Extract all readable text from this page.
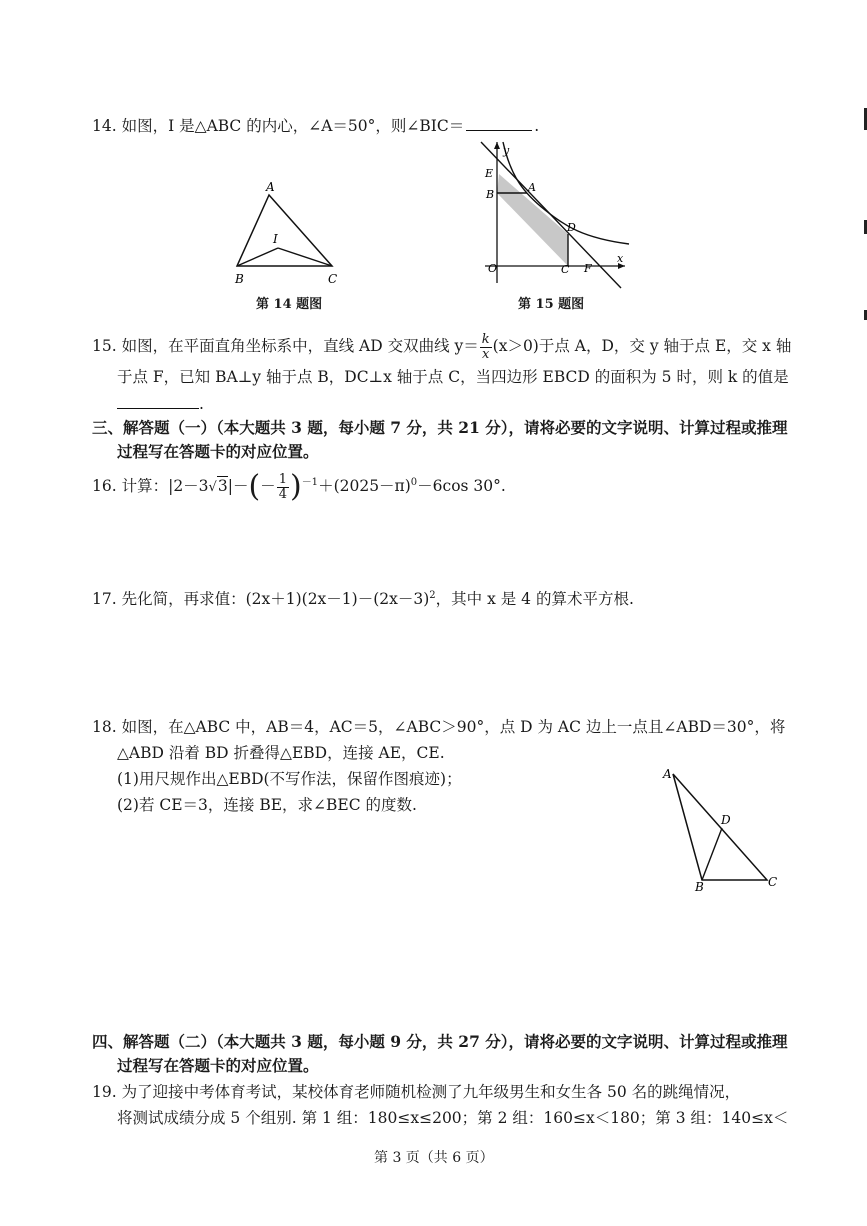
14. 如图，I 是△ABC 的内心，∠A＝50°，则∠BIC＝	.
A
B	C
I
第 14 题图
y
x
E
B
A
D
O	C F
第 15 题图
15. 如图，在平面直角坐标系中，直线 AD 交双曲线 $y= \frac{k}{x} (x>0)$于点 A，D，交 y 轴于点 E，交 x 轴
于点 F，已知 BA⊥y 轴于点 B，DC⊥x 轴于点 C，当四边形 EBCD 的面积为 5 时，则 k 的值是
.
三、解答题（一）（本大题共 3 题，每小题 7 分，共 21 分），请将必要的文字说明、计算过程或推理
过程写在答题卡的对应位置。
16. 计算：$|2-3√3|-(- \frac{1}{4} )^{-1}+(2025-\pi)^0-6\cos$ 30°.
17. 先化简，再求值：$(2x+1)(2x-1)-(2x-3)^2$，其中 x 是 4 的算术平方根.
18. 如图，在△ABC 中，AB＝4，AC＝5，∠ABC＞90°，点 D 为 AC 边上一点且∠ABD＝30°，将
△ABD 沿着 BD 折叠得△EBD，连接 AE，CE.
(1)用尺规作出△EBD(不写作法，保留作图痕迹)；
(2)若 CE＝3，连接 BE，求∠BEC 的度数.
A
D
B	C
四、解答题（二）（本大题共 3 题，每小题 9 分，共 27 分），请将必要的文字说明、计算过程或推理
过程写在答题卡的对应位置。
19. 为了迎接中考体育考试，某校体育老师随机检测了九年级男生和女生各 50 名的跳绳情况，
将测试成绩分成 5 个组别. 第 1 组：180≤x≤200；第 2 组：160≤x＜180；第 3 组：140≤x＜
第 3 页（共 6 页）
